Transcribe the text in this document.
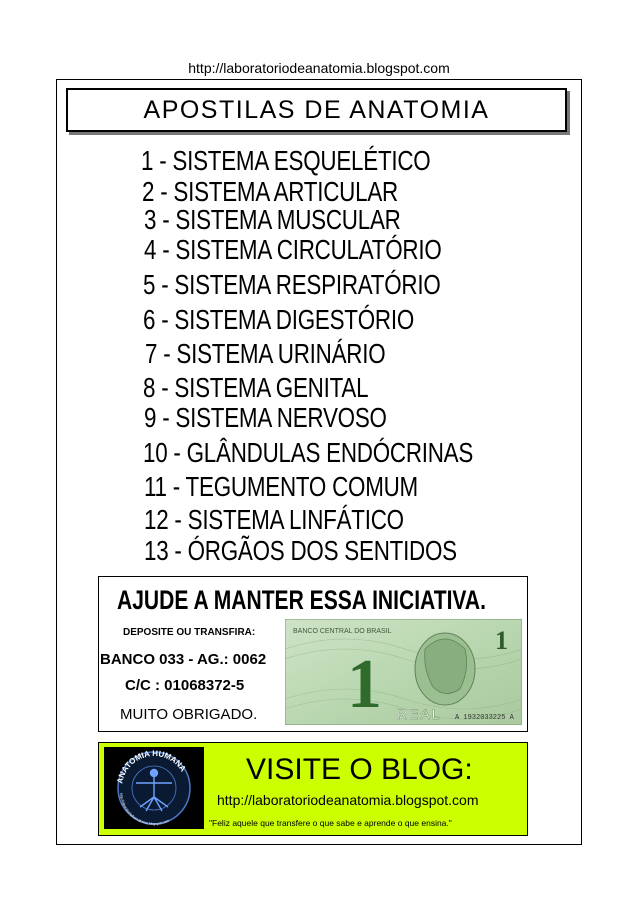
http://laboratoriodeanatomia.blogspot.com
APOSTILAS DE ANATOMIA
1 - SISTEMA ESQUELÉTICO
2 - SISTEMA ARTICULAR
3 - SISTEMA MUSCULAR
4 - SISTEMA CIRCULATÓRIO
5 - SISTEMA RESPIRATÓRIO
6 - SISTEMA DIGESTÓRIO
7 - SISTEMA URINÁRIO
8 - SISTEMA GENITAL
9 - SISTEMA NERVOSO
10 - GLÂNDULAS ENDÓCRINAS
11 - TEGUMENTO COMUM
12 - SISTEMA LINFÁTICO
13 - ÓRGÃOS DOS SENTIDOS
AJUDE A MANTER ESSA INICIATIVA.
DEPOSITE OU TRANSFIRA:
BANCO 033 - AG.: 0062
C/C : 01068372-5
MUITO OBRIGADO.
BANCO CENTRAL DO BRASIL
1
1
REAL A 1932033225 A
ANATOMIA HUMANA
http://laboratoriodeanatomia.blogspot.com
VISITE O BLOG:
http://laboratoriodeanatomia.blogspot.com
"Feliz aquele que transfere o que sabe e aprende o que ensina."
